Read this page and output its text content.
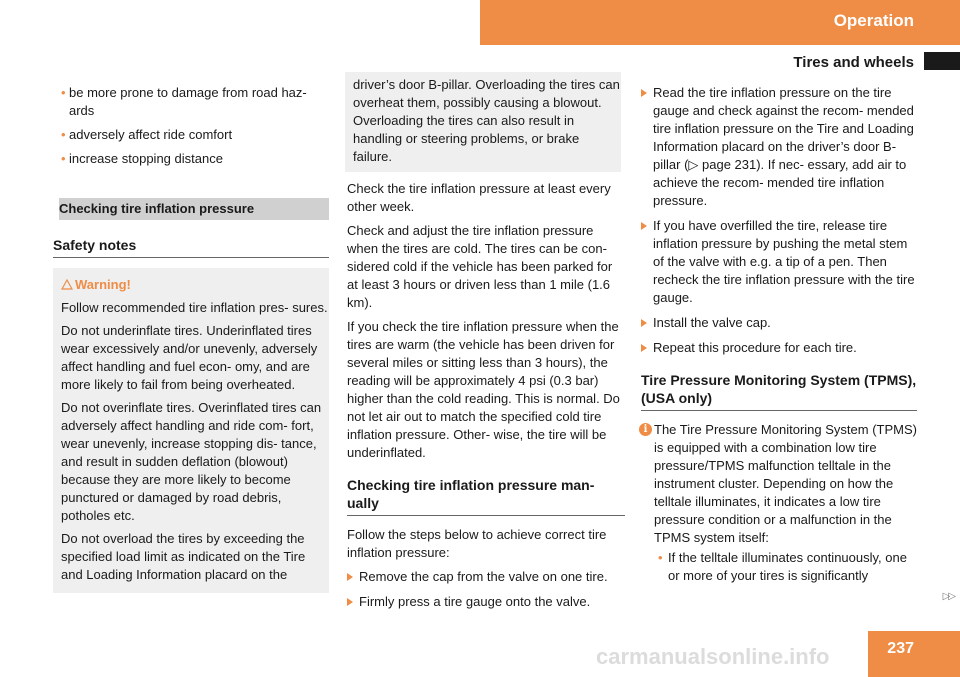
Operation
Tires and wheels
• be more prone to damage from road haz- ards
• adversely affect ride comfort
• increase stopping distance
Checking tire inflation pressure
Safety notes
Warning!

Follow recommended tire inflation pres- sures.

Do not underinflate tires. Underinflated tires wear excessively and/or unevenly, adversely affect handling and fuel econ- omy, and are more likely to fail from being overheated.

Do not overinflate tires. Overinflated tires can adversely affect handling and ride com- fort, wear unevenly, increase stopping dis- tance, and result in sudden deflation (blowout) because they are more likely to become punctured or damaged by road debris, potholes etc.

Do not overload the tires by exceeding the specified load limit as indicated on the Tire and Loading Information placard on the

driver’s door B-pillar. Overloading the tires can overheat them, possibly causing a blowout. Overloading the tires can also result in handling or steering problems, or brake failure.

Check the tire inflation pressure at least every other week.

Check and adjust the tire inflation pressure when the tires are cold. The tires can be con- sidered cold if the vehicle has been parked for at least 3 hours or driven less than 1 mile (1.6 km).

If you check the tire inflation pressure when the tires are warm (the vehicle has been driven for several miles or sitting less than 3 hours), the reading will be approximately 4 psi (0.3 bar) higher than the cold reading. This is normal. Do not let air out to match the specified cold tire inflation pressure. Other- wise, the tire will be underinflated.

Checking tire inflation pressure man- ually

Follow the steps below to achieve correct tire inflation pressure:

Remove the cap from the valve on one tire.
Firmly press a tire gauge onto the valve.
Read the tire inflation pressure on the tire gauge and check against the recom- mended tire inflation pressure on the Tire and Loading Information placard on the driver’s door B-pillar (▷ page 231). If nec- essary, add air to achieve the recom- mended tire inflation pressure.
If you have overfilled the tire, release tire inflation pressure by pushing the metal stem of the valve with e.g. a tip of a pen. Then recheck the tire inflation pressure with the tire gauge.
Install the valve cap.
Repeat this procedure for each tire.
Tire Pressure Monitoring System (TPMS), (USA only)
i The Tire Pressure Monitoring System (TPMS) is equipped with a combination low tire pressure/TPMS malfunction telltale in the instrument cluster. Depending on how the telltale illuminates, it indicates a low tire pressure condition or a malfunction in the TPMS system itself:

• If the telltale illuminates continuously, one or more of your tires is significantly
▷▷
237
carmanualsonline.info
